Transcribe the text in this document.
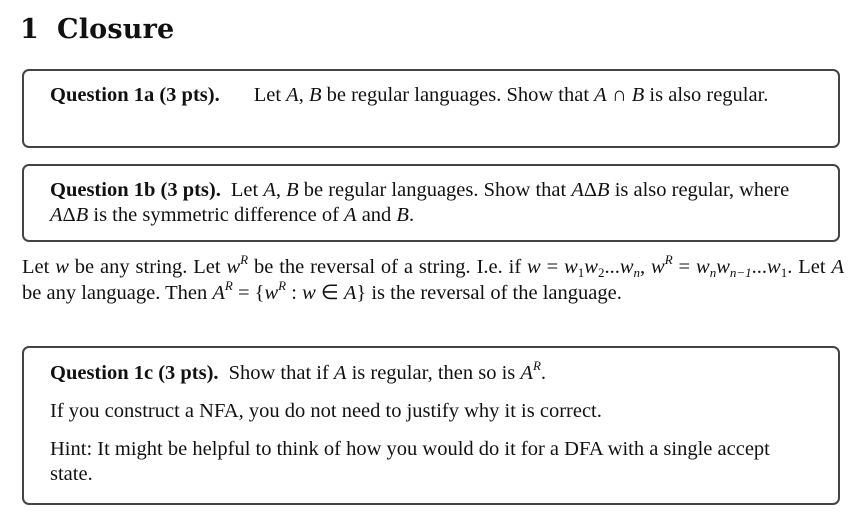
1 Closure

Question 1a (3 pts). Let A, B be regular languages. Show that A ∩ B is also regular.

Question 1b (3 pts). Let A, B be regular languages. Show that AΔB is also regular, where AΔB is the symmetric difference of A and B.

Let w be any string. Let $w^R$ be the reversal of a string. I.e. if $w = w_1w_2...w_n$, $w^R = w_nw_{n-1}...w_1$. Let A be any language. Then $A^R = \{w^R$ : w ∈ A} is the reversal of the language.

Question 1c (3 pts). Show that if A is regular, then so is $A^R$.

If you construct a NFA, you do not need to justify why it is correct.

Hint: It might be helpful to think of how you would do it for a DFA with a single accept state.
